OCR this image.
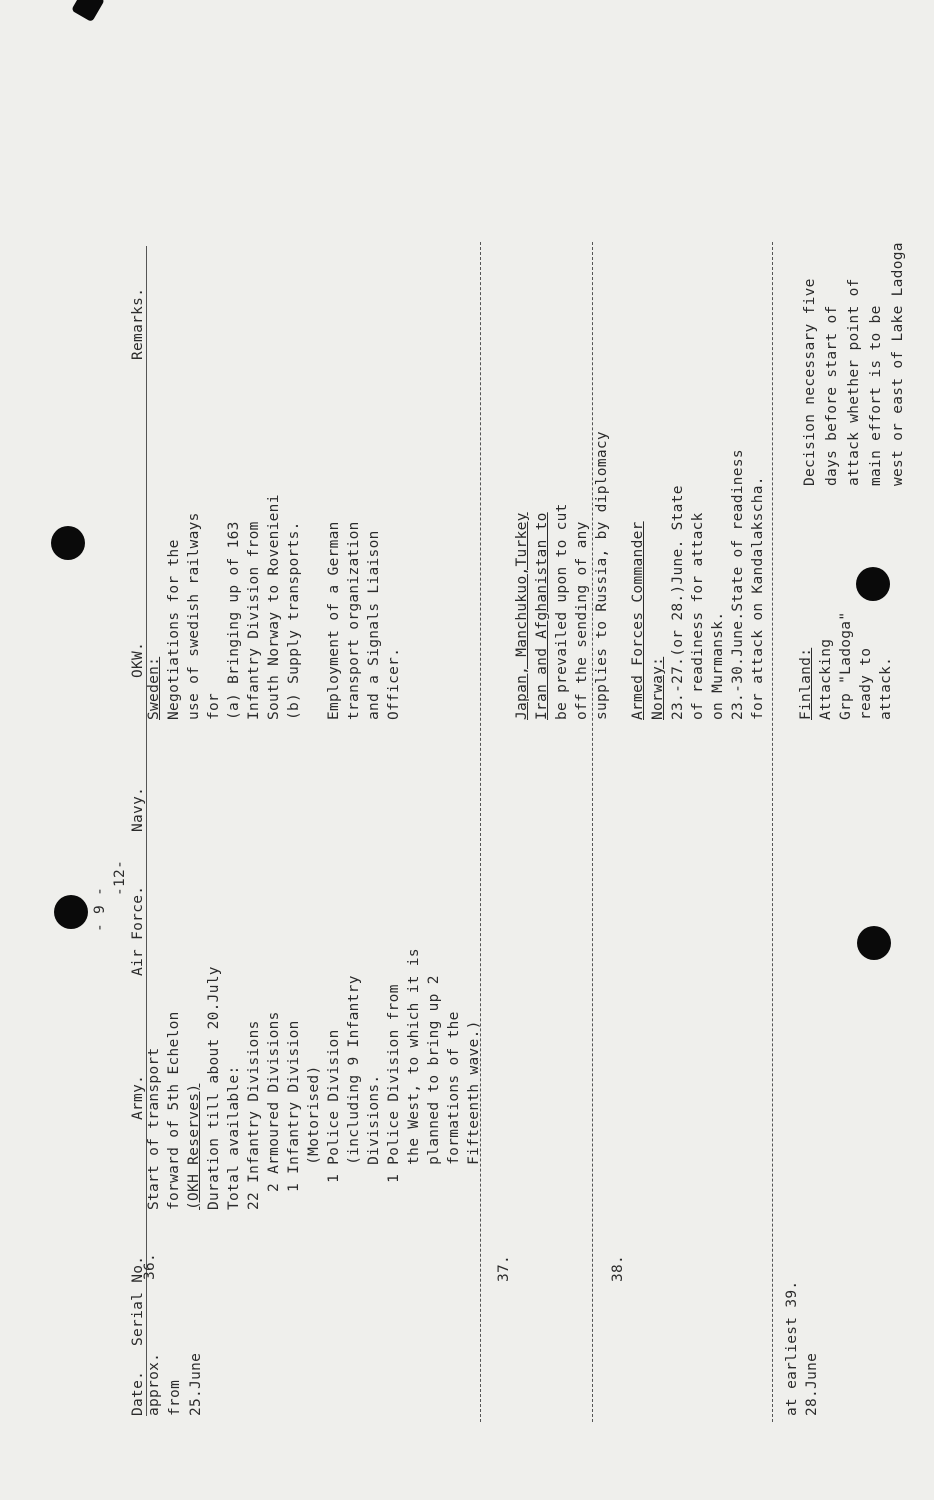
- 9 -
-12-
Date.
Serial No.
Army.
Air Force.
Navy.
OKW.
Remarks.
approx. from 25.June
36.
Start of transport forward of 5th Echelon (OKH Reserves) Duration till about 20.July Total available: 22 Infantry Divisions 2 Armoured Divisions 1 Infantry Division (Motorised) 1 Police Division (including 9 Infantry Divisions. 1 Police Division from the West, to which it is planned to bring up 2 formations of the Fifteenth wave.)
Sweden: Negotiations for the use of swedish railways for (a) Bringing up of 163 Infantry Division from South Norway to Rovenieni (b) Supply transports. Employment of a German transport organization and a Signals Liaison Officer.
37.
Japan, Manchukuo,Turkey Iran and Afghanistan to be prevailed upon to cut off the sending of any supplies to Russia, by diplomacy
38.
Armed Forces Commander Norway: 23.-27.(or 28.)June. State of readiness for attack on Murmansk. 23.-30.June.State of readiness for attack on Kandalakscha.
at earliest 39. 28.June
Finland: Attacking Grp "Ladoga" ready to attack.
Decision necessary five days before start of attack whether point of main effort is to be west or east of Lake Ladoga
